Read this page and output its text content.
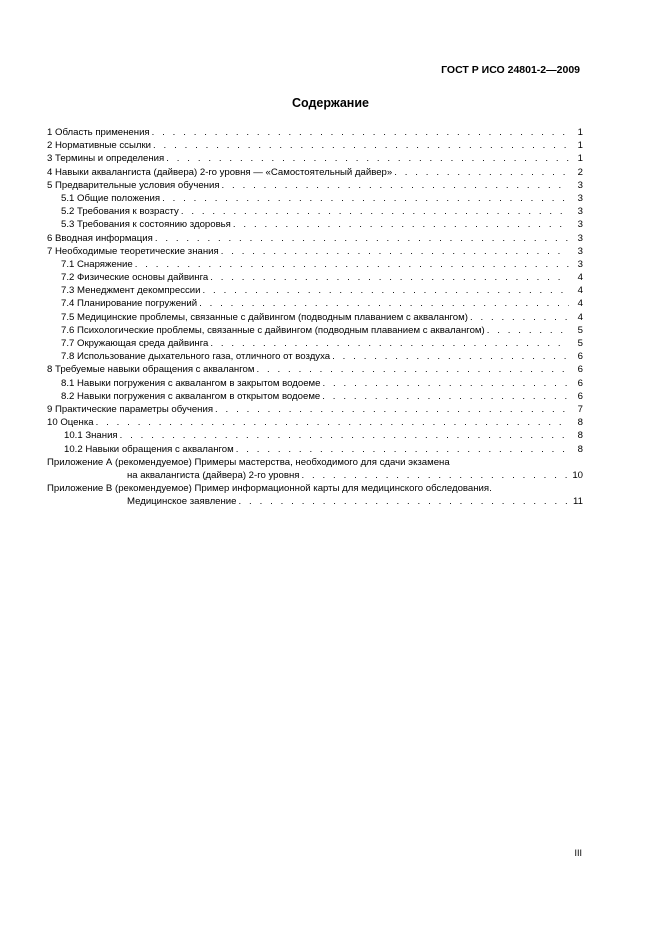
ГОСТ Р ИСО 24801-2—2009
Содержание
1 Область применения . . .	1
2 Нормативные ссылки . . .	1
3 Термины и определения . . .	1
4 Навыки аквалангиста (дайвера) 2-го уровня — «Самостоятельный дайвер» . . .	2
5 Предварительные условия обучения . . .	3
5.1 Общие положения . . .	3
5.2 Требования к возрасту . . .	3
5.3 Требования к состоянию здоровья . . .	3
6 Вводная информация . . .	3
7 Необходимые теоретические знания . . .	3
7.1 Снаряжение . . .	3
7.2 Физические основы дайвинга . . .	4
7.3 Менеджмент декомпрессии . . .	4
7.4 Планирование погружений . . .	4
7.5 Медицинские проблемы, связанные с дайвингом (подводным плаванием с аквалангом) . . .	4
7.6 Психологические проблемы, связанные с дайвингом (подводным плаванием с аквалангом) . . .	5
7.7 Окружающая среда дайвинга . . .	5
7.8 Использование дыхательного газа, отличного от воздуха . . .	6
8 Требуемые навыки обращения с аквалангом . . .	6
8.1 Навыки погружения с аквалангом в закрытом водоеме . . .	6
8.2 Навыки погружения с аквалангом в открытом водоеме . . .	6
9 Практические параметры обучения . . .	7
10 Оценка . . .	8
10.1 Знания . . .	8
10.2 Навыки обращения с аквалангом . . .	8
Приложение А (рекомендуемое) Примеры мастерства, необходимого для сдачи экзамена
на аквалангиста (дайвера) 2-го уровня . . .	10
Приложение В (рекомендуемое) Пример информационной карты для медицинского обследования.
Медицинское заявление . . .	11
III
